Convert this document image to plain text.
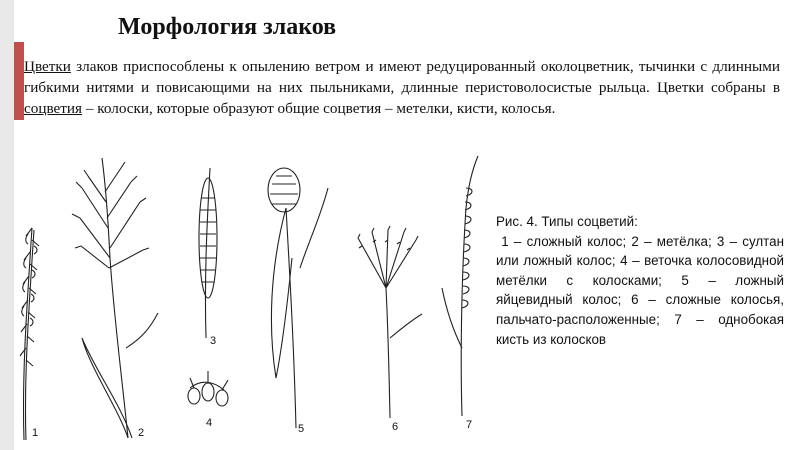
Морфология злаков
Цветки злаков приспособлены к опылению ветром и имеют редуцированный околоцветник, тычинки с длинными гибкими нитями и повисающими на них пыльниками, длинные перистоволосистые рыльца. Цветки собраны в соцветия – колоски, которые образуют общие соцветия – метелки, кисти, колосья.
1	2
3
4	5	6	7

Рис. 4. Типы соцветий:

1 – сложный колос; 2 – метёлка; 3 – султан или ложный колос; 4 – веточка колосовидной метёлки с колосками; 5 – ложный яйцевидный колос; 6 – сложные колосья, пальчато-расположенные; 7 – однобокая кисть из колосков
